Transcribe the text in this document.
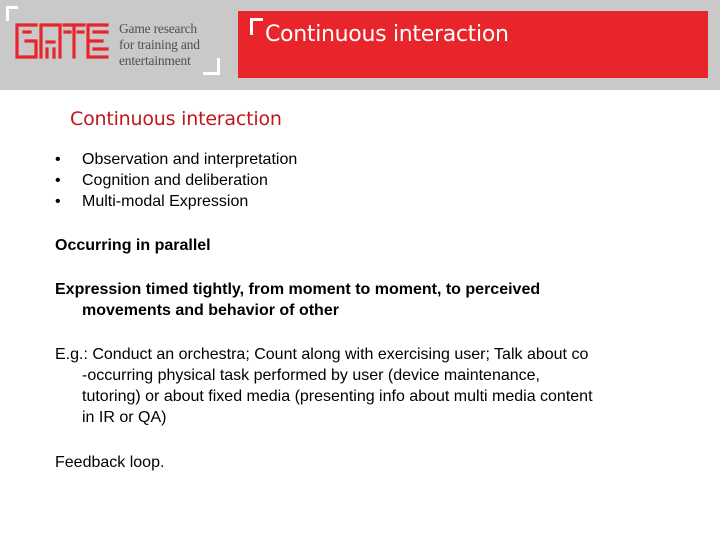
Game research
for training and
entertainment
Continuous interaction
Continuous interaction
• Observation and interpretation
• Cognition and deliberation
• Multi-modal Expression
Occurring in parallel
Expression timed tightly, from moment to moment, to perceived
movements and behavior of other
E.g.: Conduct an orchestra; Count along with exercising user; Talk about co
-occurring physical task performed by user (device maintenance,
tutoring) or about fixed media (presenting info about multi media content
in IR or QA)
Feedback loop.
